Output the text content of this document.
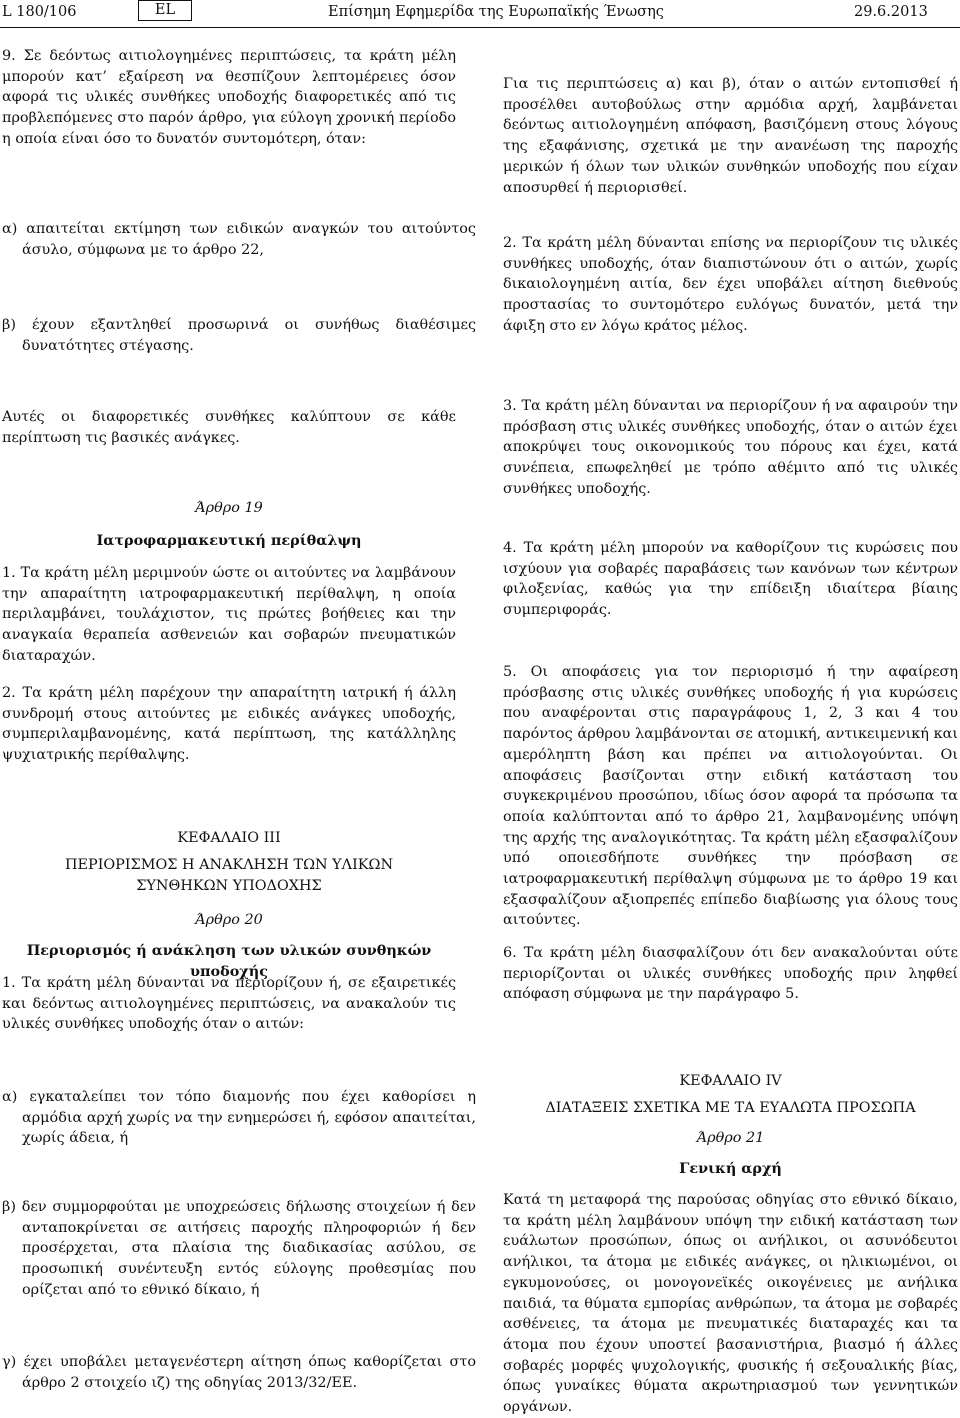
L 180/106	EL	Επίσημη Εφημερίδα της Ευρωπαϊκής Ένωσης	29.6.2013

9. Σε δεόντως αιτιολογημένες περιπτώσεις, τα κράτη μέλη μπορούν κατ’ εξαίρεση να θεσπίζουν λεπτομέρειες όσον αφορά τις υλικές συνθήκες υποδοχής διαφορετικές από τις προβλεπόμενες στο παρόν άρθρο, για εύλογη χρονική περίοδο η οποία είναι όσο το δυνατόν συντομότερη, όταν:

α) απαιτείται εκτίμηση των ειδικών αναγκών του αιτούντος άσυλο, σύμφωνα με το άρθρο 22,

β) έχουν εξαντληθεί προσωρινά οι συνήθως διαθέσιμες δυνατότητες στέγασης.

Αυτές οι διαφορετικές συνθήκες καλύπτουν σε κάθε περίπτωση τις βασικές ανάγκες.

Άρθρο 19
Ιατροφαρμακευτική περίθαλψη

1. Τα κράτη μέλη μεριμνούν ώστε οι αιτούντες να λαμβάνουν την απαραίτητη ιατροφαρμακευτική περίθαλψη, η οποία περιλαμβάνει, τουλάχιστον, τις πρώτες βοήθειες και την αναγκαία θεραπεία ασθενειών και σοβαρών πνευματικών διαταραχών.

2. Τα κράτη μέλη παρέχουν την απαραίτητη ιατρική ή άλλη συνδρομή στους αιτούντες με ειδικές ανάγκες υποδοχής, συμπεριλαμβανομένης, κατά περίπτωση, της κατάλληλης ψυχιατρικής περίθαλψης.

ΚΕΦΑΛΑΙΟ III
ΠΕΡΙΟΡΙΣΜΟΣ Η ΑΝΑΚΛΗΣΗ ΤΩΝ ΥΛΙΚΩΝ ΣΥΝΘΗΚΩΝ ΥΠΟΔΟΧΗΣ
Άρθρο 20
Περιορισμός ή ανάκληση των υλικών συνθηκών υποδοχής

1. Τα κράτη μέλη δύνανται να περιορίζουν ή, σε εξαιρετικές και δεόντως αιτιολογημένες περιπτώσεις, να ανακαλούν τις υλικές συνθήκες υποδοχής όταν ο αιτών:

α) εγκαταλείπει τον τόπο διαμονής που έχει καθορίσει η αρμόδια αρχή χωρίς να την ενημερώσει ή, εφόσον απαιτείται, χωρίς άδεια, ή

β) δεν συμμορφούται με υποχρεώσεις δήλωσης στοιχείων ή δεν ανταποκρίνεται σε αιτήσεις παροχής πληροφοριών ή δεν προσέρχεται, στα πλαίσια της διαδικασίας ασύλου, σε προσωπική συνέντευξη εντός εύλογης προθεσμίας που ορίζεται από το εθνικό δίκαιο, ή

γ) έχει υποβάλει μεταγενέστερη αίτηση όπως καθορίζεται στο άρθρο 2 στοιχείο ιζ) της οδηγίας 2013/32/ΕΕ.

Για τις περιπτώσεις α) και β), όταν ο αιτών εντοπισθεί ή προσέλθει αυτοβούλως στην αρμόδια αρχή, λαμβάνεται δεόντως αιτιολογημένη απόφαση, βασιζόμενη στους λόγους της εξαφάνισης, σχετικά με την ανανέωση της παροχής μερικών ή όλων των υλικών συνθηκών υποδοχής που είχαν αποσυρθεί ή περιορισθεί.

2. Τα κράτη μέλη δύνανται επίσης να περιορίζουν τις υλικές συνθήκες υποδοχής, όταν διαπιστώνουν ότι ο αιτών, χωρίς δικαιολογημένη αιτία, δεν έχει υποβάλει αίτηση διεθνούς προστασίας το συντομότερο ευλόγως δυνατόν, μετά την άφιξη στο εν λόγω κράτος μέλος.

3. Τα κράτη μέλη δύνανται να περιορίζουν ή να αφαιρούν την πρόσβαση στις υλικές συνθήκες υποδοχής, όταν ο αιτών έχει αποκρύψει τους οικονομικούς του πόρους και έχει, κατά συνέπεια, επωφεληθεί με τρόπο αθέμιτο από τις υλικές συνθήκες υποδοχής.

4. Τα κράτη μέλη μπορούν να καθορίζουν τις κυρώσεις που ισχύουν για σοβαρές παραβάσεις των κανόνων των κέντρων φιλοξενίας, καθώς για την επίδειξη ιδιαίτερα βίαιης συμπεριφοράς.

5. Οι αποφάσεις για τον περιορισμό ή την αφαίρεση πρόσβασης στις υλικές συνθήκες υποδοχής ή για κυρώσεις που αναφέρονται στις παραγράφους 1, 2, 3 και 4 του παρόντος άρθρου λαμβάνονται σε ατομική, αντικειμενική και αμερόληπτη βάση και πρέπει να αιτιολογούνται. Οι αποφάσεις βασίζονται στην ειδική κατάσταση του συγκεκριμένου προσώπου, ιδίως όσον αφορά τα πρόσωπα τα οποία καλύπτονται από το άρθρο 21, λαμβανομένης υπόψη της αρχής της αναλογικότητας. Τα κράτη μέλη εξασφαλίζουν υπό οποιεσδήποτε συνθήκες την πρόσβαση σε ιατροφαρμακευτική περίθαλψη σύμφωνα με το άρθρο 19 και εξασφαλίζουν αξιοπρεπές επίπεδο διαβίωσης για όλους τους αιτούντες.

6. Τα κράτη μέλη διασφαλίζουν ότι δεν ανακαλούνται ούτε περιορίζονται οι υλικές συνθήκες υποδοχής πριν ληφθεί απόφαση σύμφωνα με την παράγραφο 5.

ΚΕΦΑΛΑΙΟ IV
ΔΙΑΤΑΞΕΙΣ ΣΧΕΤΙΚΑ ΜΕ ΤΑ ΕΥΑΛΩΤΑ ΠΡΟΣΩΠΑ
Άρθρο 21
Γενική αρχή

Κατά τη μεταφορά της παρούσας οδηγίας στο εθνικό δίκαιο, τα κράτη μέλη λαμβάνουν υπόψη την ειδική κατάσταση των ευάλωτων προσώπων, όπως οι ανήλικοι, οι ασυνόδευτοι ανήλικοι, τα άτομα με ειδικές ανάγκες, οι ηλικιωμένοι, οι εγκυμονούσες, οι μονογονεϊκές οικογένειες με ανήλικα παιδιά, τα θύματα εμπορίας ανθρώπων, τα άτομα με σοβαρές ασθένειες, τα άτομα με πνευματικές διαταραχές και τα άτομα που έχουν υποστεί βασανιστήρια, βιασμό ή άλλες σοβαρές μορφές ψυχολογικής, φυσικής ή σεξουαλικής βίας, όπως γυναίκες θύματα ακρωτηριασμού των γεννητικών οργάνων.
